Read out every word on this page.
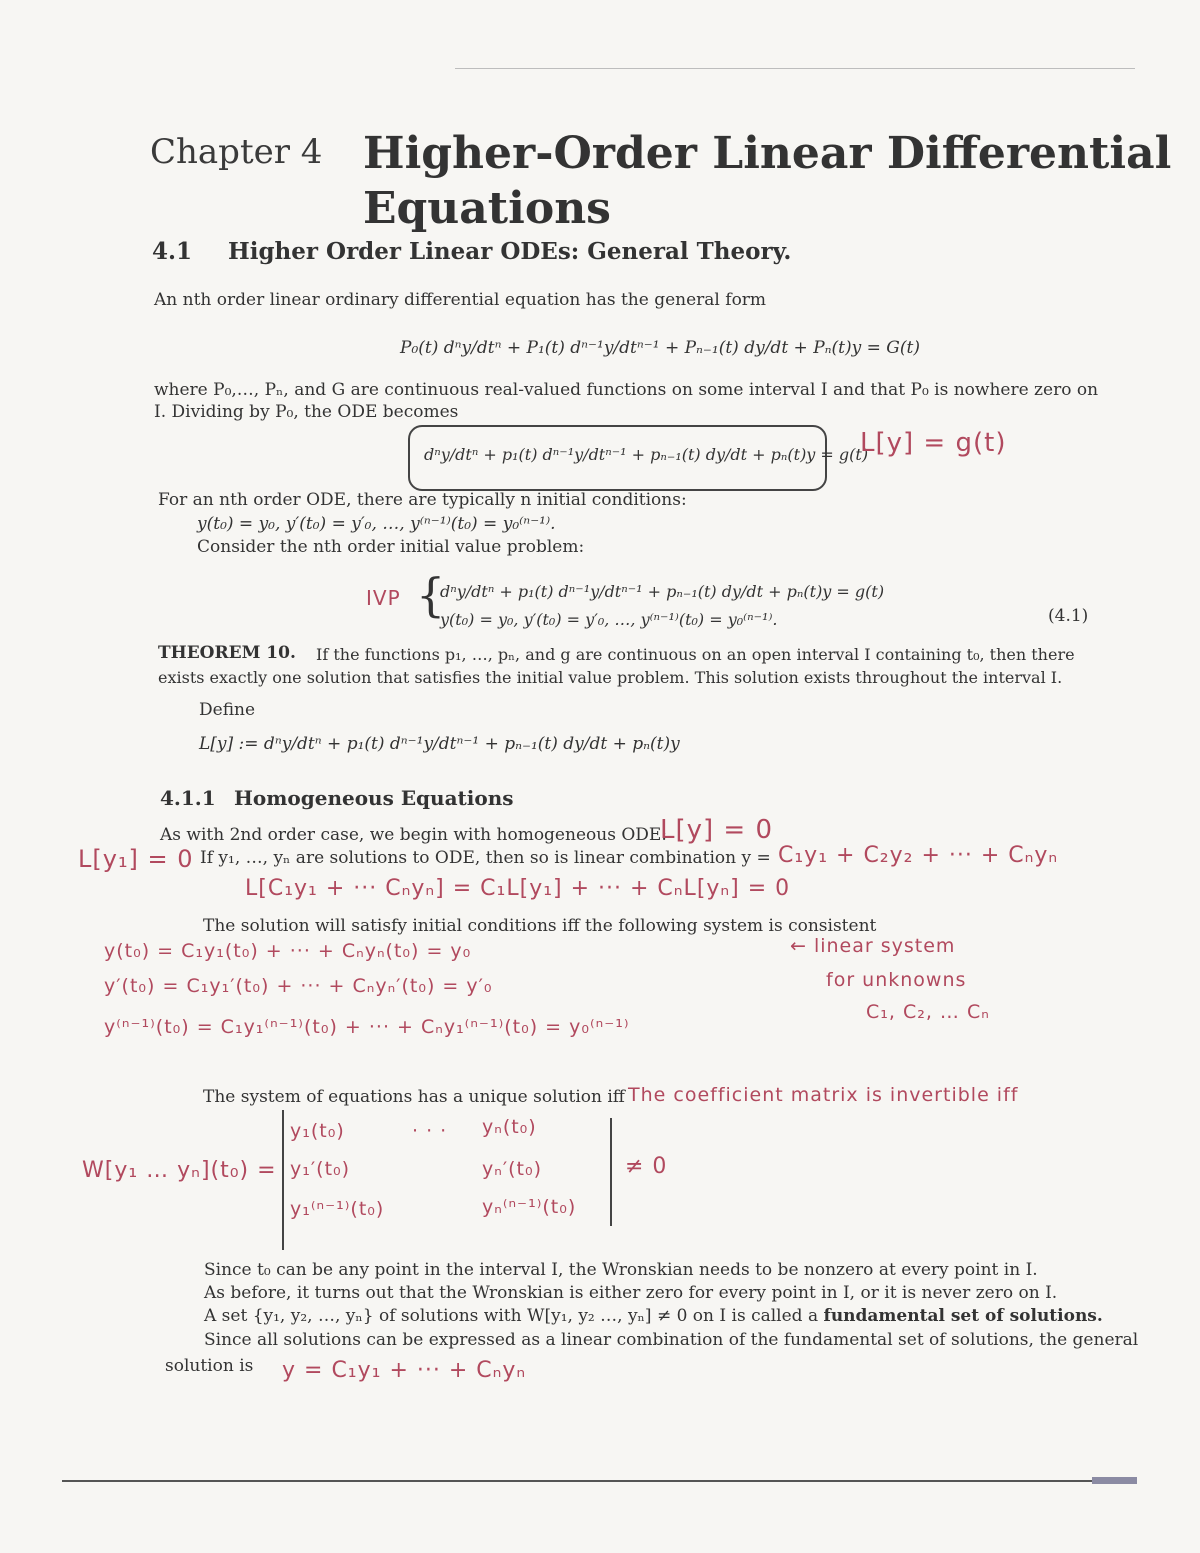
Chapter 4 Higher-Order Linear Differential
Equations
4.1 Higher Order Linear ODEs: General Theory.
An nth order linear ordinary differential equation has the general form
P₀(t) dⁿy/dtⁿ + P₁(t) dⁿ⁻¹y/dtⁿ⁻¹ + Pₙ₋₁(t) dy/dt + Pₙ(t)y = G(t)
where P₀,…, Pₙ, and G are continuous real-valued functions on some interval I and that P₀ is nowhere zero on
I. Dividing by P₀, the ODE becomes
dⁿy/dtⁿ + p₁(t) dⁿ⁻¹y/dtⁿ⁻¹ + pₙ₋₁(t) dy/dt + pₙ(t)y = g(t)
L[y] = g(t)
For an nth order ODE, there are typically n initial conditions:
y(t₀) = y₀, y′(t₀) = y′₀, …, y⁽ⁿ⁻¹⁾(t₀) = y₀⁽ⁿ⁻¹⁾.
Consider the nth order initial value problem:
IVP {
dⁿy/dtⁿ + p₁(t) dⁿ⁻¹y/dtⁿ⁻¹ + pₙ₋₁(t) dy/dt + pₙ(t)y = g(t)
y(t₀) = y₀, y′(t₀) = y′₀, …, y⁽ⁿ⁻¹⁾(t₀) = y₀⁽ⁿ⁻¹⁾.	(4.1)
THEOREM 10. If the functions p₁, …, pₙ, and g are continuous on an open interval I containing t₀, then there
exists exactly one solution that satisfies the initial value problem. This solution exists throughout the interval I.
Define
L[y] := dⁿy/dtⁿ + p₁(t) dⁿ⁻¹y/dtⁿ⁻¹ + pₙ₋₁(t) dy/dt + pₙ(t)y
4.1.1 Homogeneous Equations
As with 2nd order case, we begin with homogeneous ODE:
L[y] = 0
L[y₁] = 0 If y₁, …, yₙ are solutions to ODE, then so is linear combination y = C₁y₁ + C₂y₂ + ··· + Cₙyₙ
L[C₁y₁ + ··· Cₙyₙ] = C₁L[y₁] + ··· + CₙL[yₙ] = 0
The solution will satisfy initial conditions iff the following system is consistent
y(t₀) = C₁y₁(t₀) + ··· + Cₙyₙ(t₀) = y₀
y′(t₀) = C₁y₁′(t₀) + ··· + Cₙyₙ′(t₀) = y′₀
y⁽ⁿ⁻¹⁾(t₀) = C₁y₁⁽ⁿ⁻¹⁾(t₀) + ··· + Cₙy₁⁽ⁿ⁻¹⁾(t₀) = y₀⁽ⁿ⁻¹⁾
← linear system
for unknowns
C₁, C₂, … Cₙ
The system of equations has a unique solution iff The coefficient matrix is invertible iff
W[y₁ … yₙ](t₀) =
y₁(t₀)	· · · yₙ(t₀)
y₁′(t₀)	yₙ′(t₀)
y₁⁽ⁿ⁻¹⁾(t₀)	yₙ⁽ⁿ⁻¹⁾(t₀)
≠ 0
Since t₀ can be any point in the interval I, the Wronskian needs to be nonzero at every point in I.
As before, it turns out that the Wronskian is either zero for every point in I, or it is never zero on I.
A set {y₁, y₂, …, yₙ} of solutions with W[y₁, y₂ …, yₙ] ≠ 0 on I is called a fundamental set of solutions.
Since all solutions can be expressed as a linear combination of the fundamental set of solutions, the general
solution is y = C₁y₁ + ··· + Cₙyₙ
